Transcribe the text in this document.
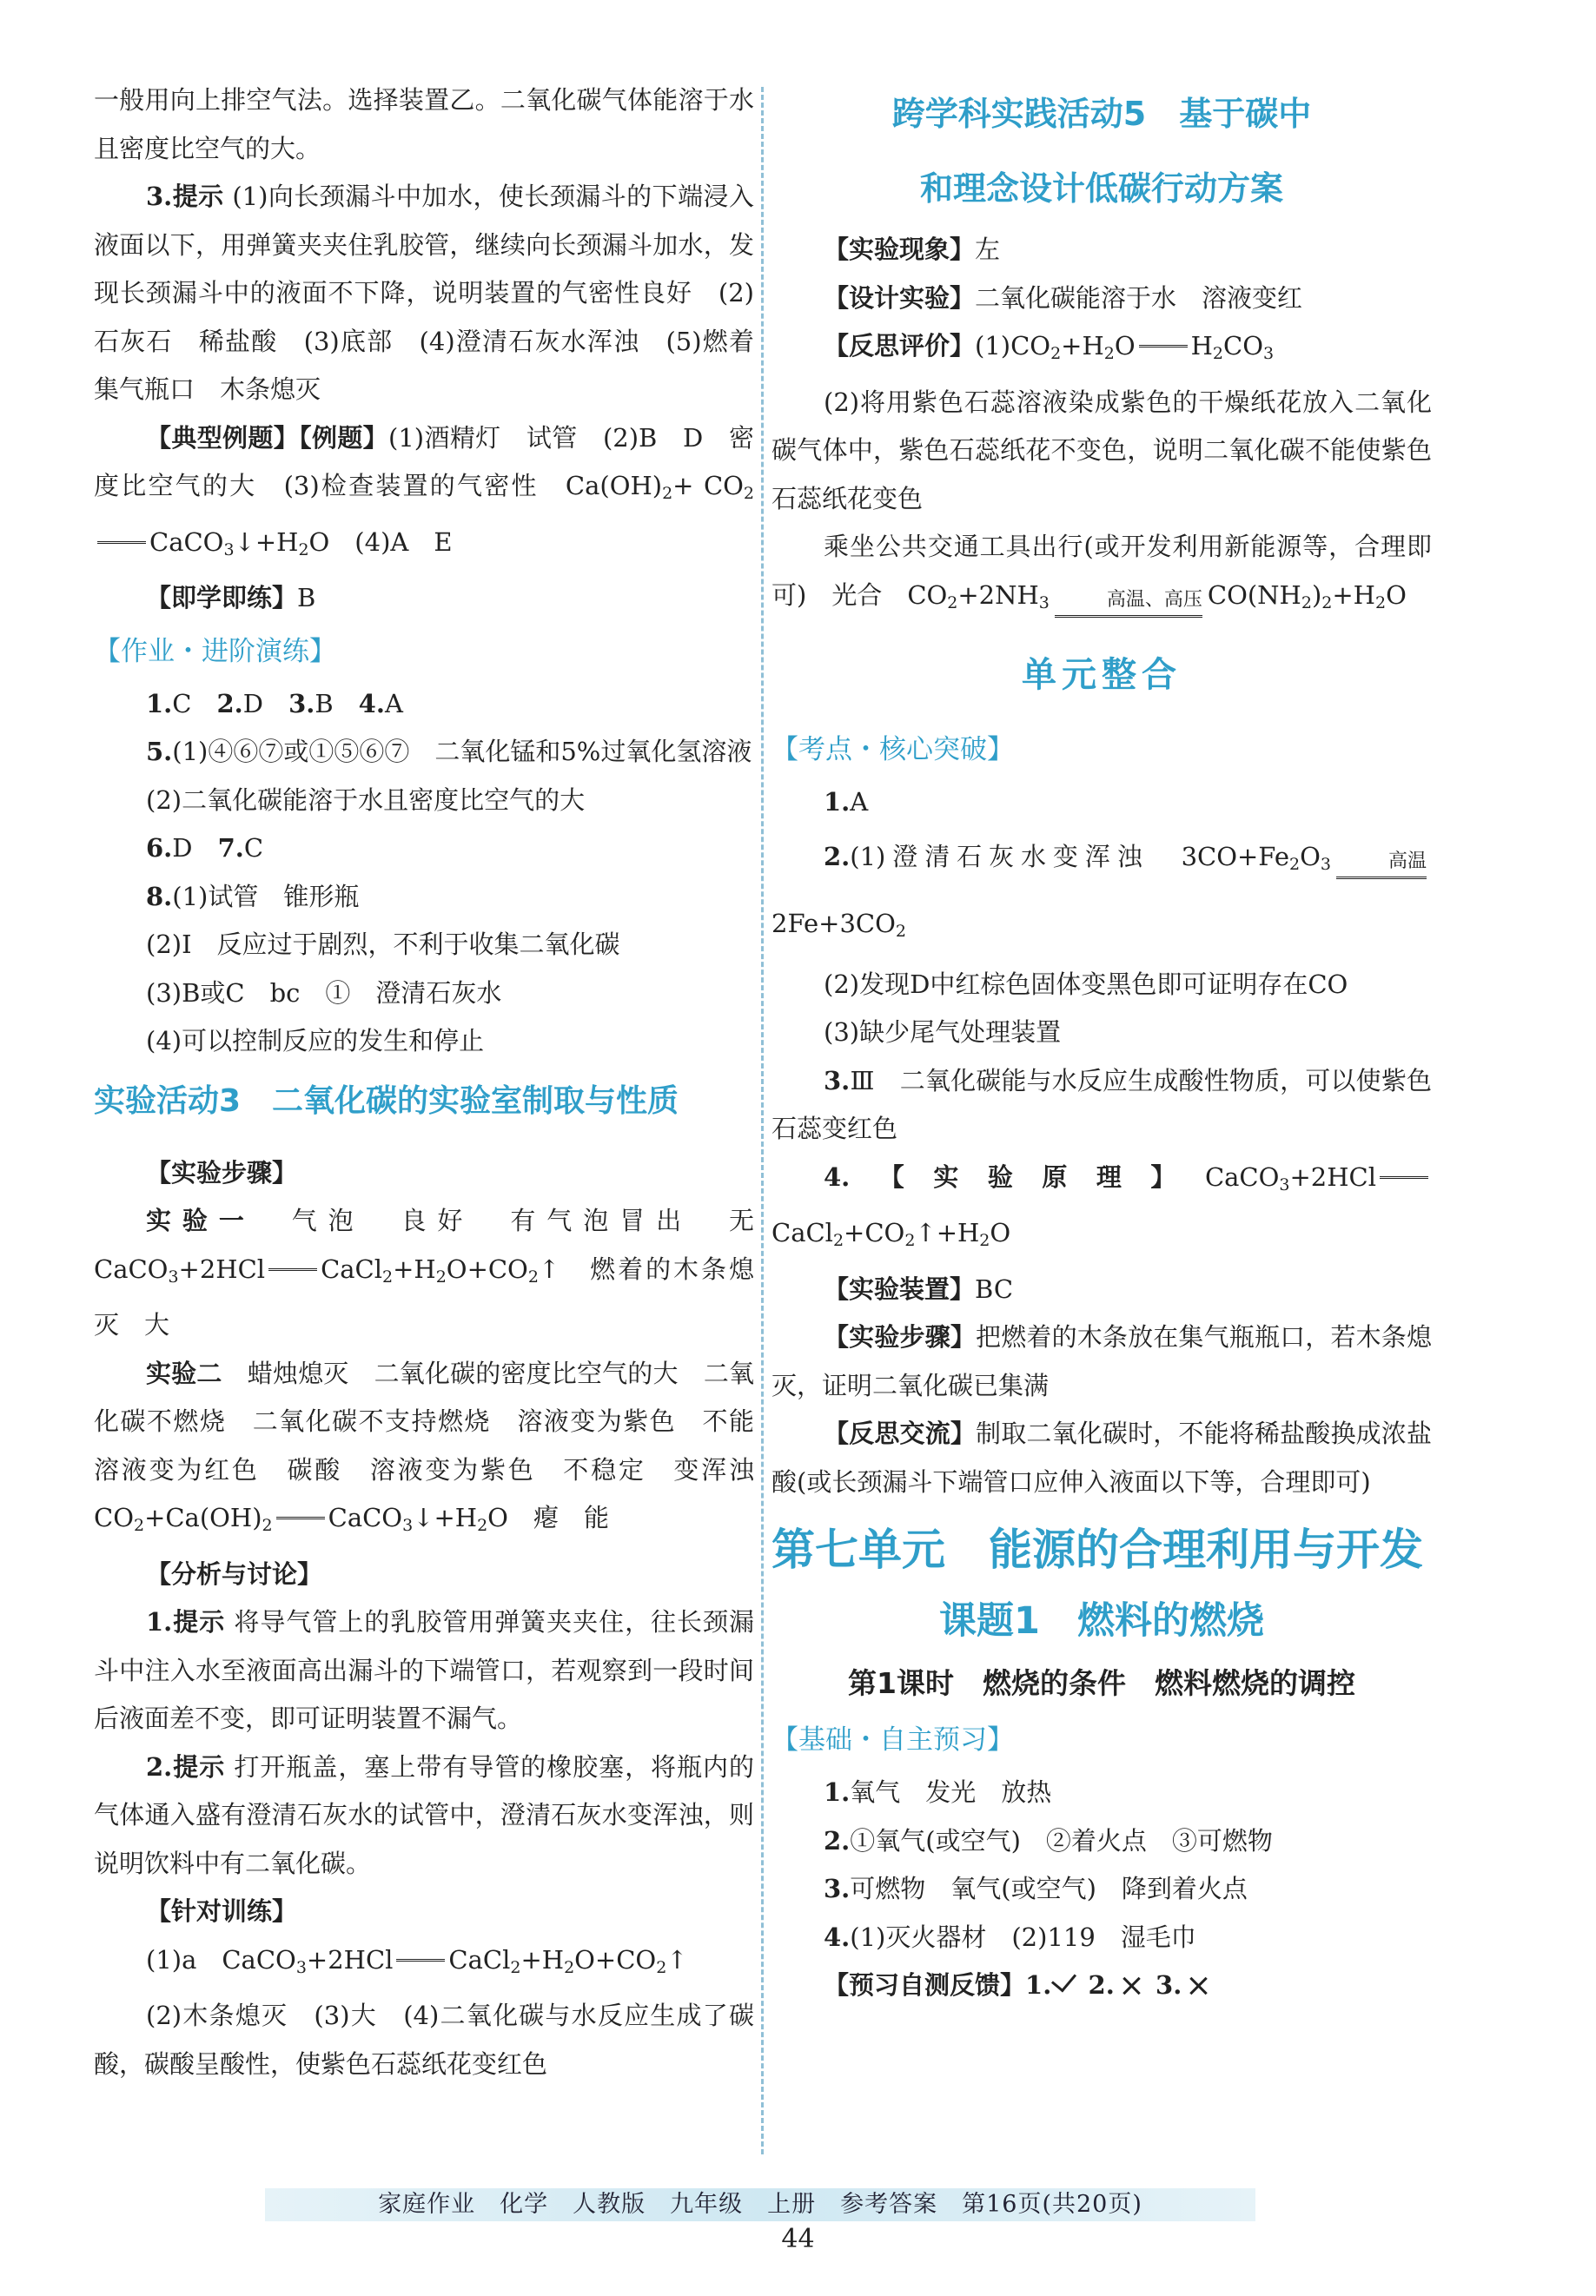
一般用向上排空气法。选择装置乙。二氧化碳气体能溶于水且密度比空气的大。

3.提示 (1)向长颈漏斗中加水，使长颈漏斗的下端浸入液面以下，用弹簧夹夹住乳胶管，继续向长颈漏斗加水，发现长颈漏斗中的液面不下降，说明装置的气密性良好　(2)石灰石　稀盐酸　(3)底部　(4)澄清石灰水浑浊　(5)燃着　集气瓶口　木条熄灭

【典型例题】【例题】(1)酒精灯　试管　(2)B　D　密度比空气的大　(3)检查装置的气密性　$Ca(OH)_2+$ $CO_2CaCO_3↓+H_2O$　(4)A　E

【即学即练】B

【作业・进阶演练】

1.C　 2.D　 3.B　 4.A

5.(1)④⑥⑦或①⑤⑥⑦　二氧化锰和5%过氧化氢溶液

(2)二氧化碳能溶于水且密度比空气的大

6.D　 7.C

8.(1)试管　锥形瓶

(2)Ⅰ　反应过于剧烈，不利于收集二氧化碳

(3)B或C　bc　①　澄清石灰水

(4)可以控制反应的发生和停止

实验活动3　二氧化碳的实验室制取与性质

【实验步骤】

实验一　 气泡　良好　有气泡冒出　无　CaCO$_3$+2HCl $CaCl_2+H_2O+CO_2↑$　燃着的木条熄灭　大

实验二　 蜡烛熄灭　二氧化碳的密度比空气的大　二氧化碳不燃烧　二氧化碳不支持燃烧　溶液变为紫色　不能　溶液变为红色　碳酸　溶液变为紫色　不稳定　变浑浊　$CO_2+Ca(OH)_2$ $CaCO_3↓+H_2O$　瘪　能

【分析与讨论】

1.提示 将导气管上的乳胶管用弹簧夹夹住，往长颈漏斗中注入水至液面高出漏斗的下端管口，若观察到一段时间后液面差不变，即可证明装置不漏气。

2.提示 打开瓶盖，塞上带有导管的橡胶塞，将瓶内的气体通入盛有澄清石灰水的试管中，澄清石灰水变浑浊，则说明饮料中有二氧化碳。

【针对训练】

(1)a　CaCO$_3$+2HCl $CaCl_2+H_2O+CO_2↑$

(2)木条熄灭　(3)大　(4)二氧化碳与水反应生成了碳酸，碳酸呈酸性，使紫色石蕊纸花变红色

跨学科实践活动5　基于碳中

和理念设计低碳行动方案

【实验现象】左

【设计实验】二氧化碳能溶于水　溶液变红

【反思评价】$(1)CO_2+H_2O$ $H_2CO_3$

(2)将用紫色石蕊溶液染成紫色的干燥纸花放入二氧化碳气体中，紫色石蕊纸花不变色，说明二氧化碳不能使紫色石蕊纸花变色

乘坐公共交通工具出行(或开发利用新能源等，合理即可)　光合　$CO_2+2NH_3$	高温、高压 $CO(NH_2)_2+H_2O$

单元整合

【考点・核心突破】

1.A

2.(1)澄清石灰水变浑浊　$3CO+Fe_2O_3$	高温
$2Fe+3CO_2$

(2)发现D中红棕色固体变黑色即可证明存在CO

(3)缺少尾气处理装置

3.Ⅲ　二氧化碳能与水反应生成酸性物质，可以使紫色石蕊变红色

4.【实验原理】$CaCO_3+2HClCaCl_2+CO_2↑+H_2O$

【实验装置】BC

【实验步骤】把燃着的木条放在集气瓶瓶口，若木条熄灭，证明二氧化碳已集满

【反思交流】制取二氧化碳时，不能将稀盐酸换成浓盐酸(或长颈漏斗下端管口应伸入液面以下等，合理即可)

第七单元　能源的合理利用与开发

课题1　燃料的燃烧

第1课时　燃烧的条件　燃料燃烧的调控

【基础・自主预习】

1.氧气　发光　放热

2.①氧气(或空气)　②着火点　③可燃物

3.可燃物　氧气(或空气)　降到着火点

4.(1)灭火器材　(2)119　湿毛巾

【预习自测反馈】1. 2. 3.

家庭作业　化学　人教版　九年级　上册　参考答案　第16页(共20页)
44
